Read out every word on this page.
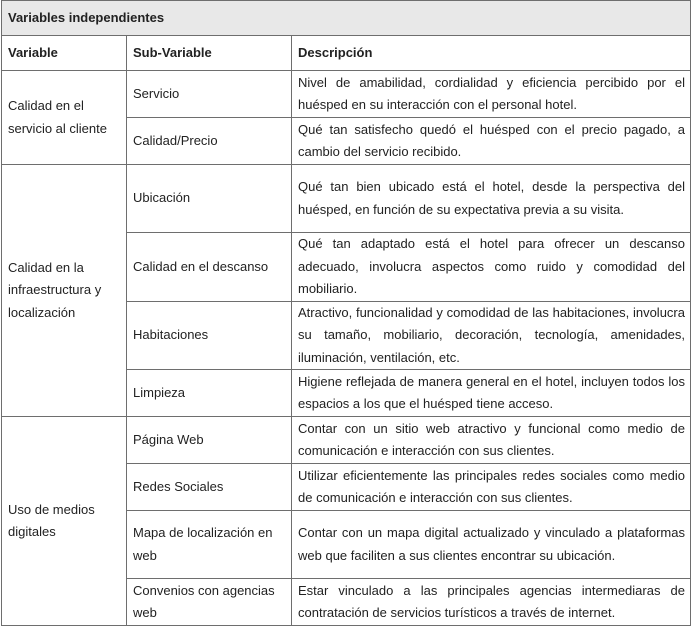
Variables independientes		
Variable	Sub-Variable	Descripción
Calidad en el servicio al cliente	Servicio	Nivel de amabilidad, cordialidad y eficiencia percibido por el huésped en su interacción con el personal hotel.
	Calidad/Precio	Qué tan satisfecho quedó el huésped con el precio pagado, a cambio del servicio recibido.
Calidad en la infraestructura y localización	Ubicación	Qué tan bien ubicado está el hotel, desde la perspectiva del huésped, en función de su expectativa previa a su visita.
	Calidad en el descanso	Qué tan adaptado está el hotel para ofrecer un descanso adecuado, involucra aspectos como ruido y comodidad del mobiliario.
	Habitaciones	Atractivo, funcionalidad y comodidad de las habitaciones, involucra su tamaño, mobiliario, decoración, tecnología, amenidades, iluminación, ventilación, etc.
	Limpieza	Higiene reflejada de manera general en el hotel, incluyen todos los espacios a los que el huésped tiene acceso.
Uso de medios digitales	Página Web	Contar con un sitio web atractivo y funcional como medio de comunicación e interacción con sus clientes.
	Redes Sociales	Utilizar eficientemente las principales redes sociales como medio de comunicación e interacción con sus clientes.
	Mapa de localización en web	Contar con un mapa digital actualizado y vinculado a plataformas web que faciliten a sus clientes encontrar su ubicación.
	Convenios con agencias web	Estar vinculado a las principales agencias intermediaras de contratación de servicios turísticos a través de internet.
